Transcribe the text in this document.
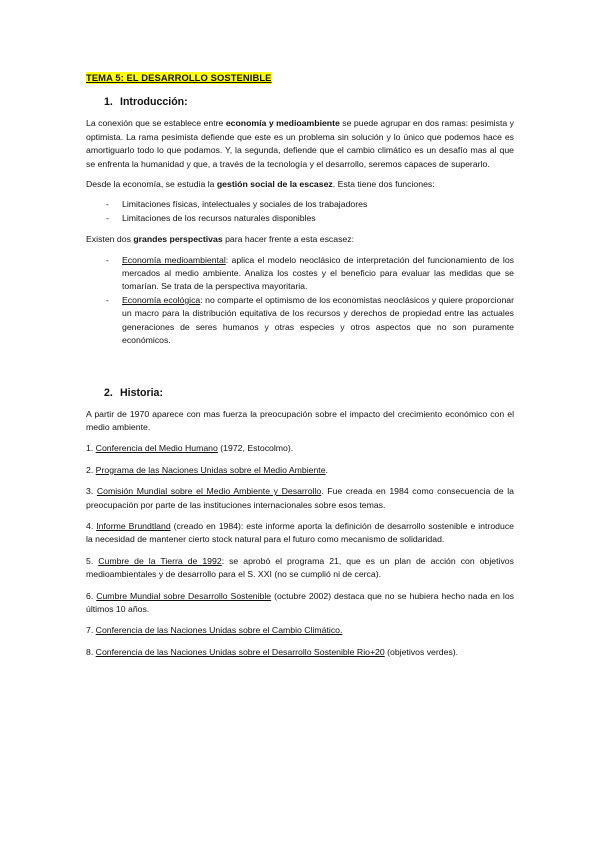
TEMA 5: EL DESARROLLO SOSTENIBLE
1. Introducción:

La conexión que se establece entre economía y medioambiente se puede agrupar en dos ramas: pesimista y optimista. La rama pesimista defiende que este es un problema sin solución y lo único que podemos hace es amortiguarlo todo lo que podamos. Y, la segunda, defiende que el cambio climático es un desafío mas al que se enfrenta la humanidad y que, a través de la tecnología y el desarrollo, seremos capaces de superarlo.

Desde la economía, se estudia la gestión social de la escasez. Esta tiene dos funciones:

- Limitaciones físicas, intelectuales y sociales de los trabajadores
- Limitaciones de los recursos naturales disponibles

Existen dos grandes perspectivas para hacer frente a esta escasez:

- Economía medioambiental: aplica el modelo neoclásico de interpretación del funcionamiento de los mercados al medio ambiente. Analiza los costes y el beneficio para evaluar las medidas que se tomarían. Se trata de la perspectiva mayoritaria.
- Economía ecológica: no comparte el optimismo de los economistas neoclásicos y quiere proporcionar un macro para la distribución equitativa de los recursos y derechos de propiedad entre las actuales generaciones de seres humanos y otras especies y otros aspectos que no son puramente económicos.
2. Historia:

A partir de 1970 aparece con mas fuerza la preocupación sobre el impacto del crecimiento económico con el medio ambiente.

1. Conferencia del Medio Humano (1972, Estocolmo).

2. Programa de las Naciones Unidas sobre el Medio Ambiente.

3. Comisión Mundial sobre el Medio Ambiente y Desarrollo. Fue creada en 1984 como consecuencia de la preocupación por parte de las instituciones internacionales sobre esos temas.

4. Informe Brundtland (creado en 1984): este informe aporta la definición de desarrollo sostenible e introduce la necesidad de mantener cierto stock natural para el futuro como mecanismo de solidaridad.

5. Cumbre de la Tierra de 1992: se aprobó el programa 21, que es un plan de acción con objetivos medioambientales y de desarrollo para el S. XXI (no se cumplió ni de cerca).

6. Cumbre Mundial sobre Desarrollo Sostenible (octubre 2002) destaca que no se hubiera hecho nada en los últimos 10 años.

7. Conferencia de las Naciones Unidas sobre el Cambio Climático.

8. Conferencia de las Naciones Unidas sobre el Desarrollo Sostenible Rio+20 (objetivos verdes).
